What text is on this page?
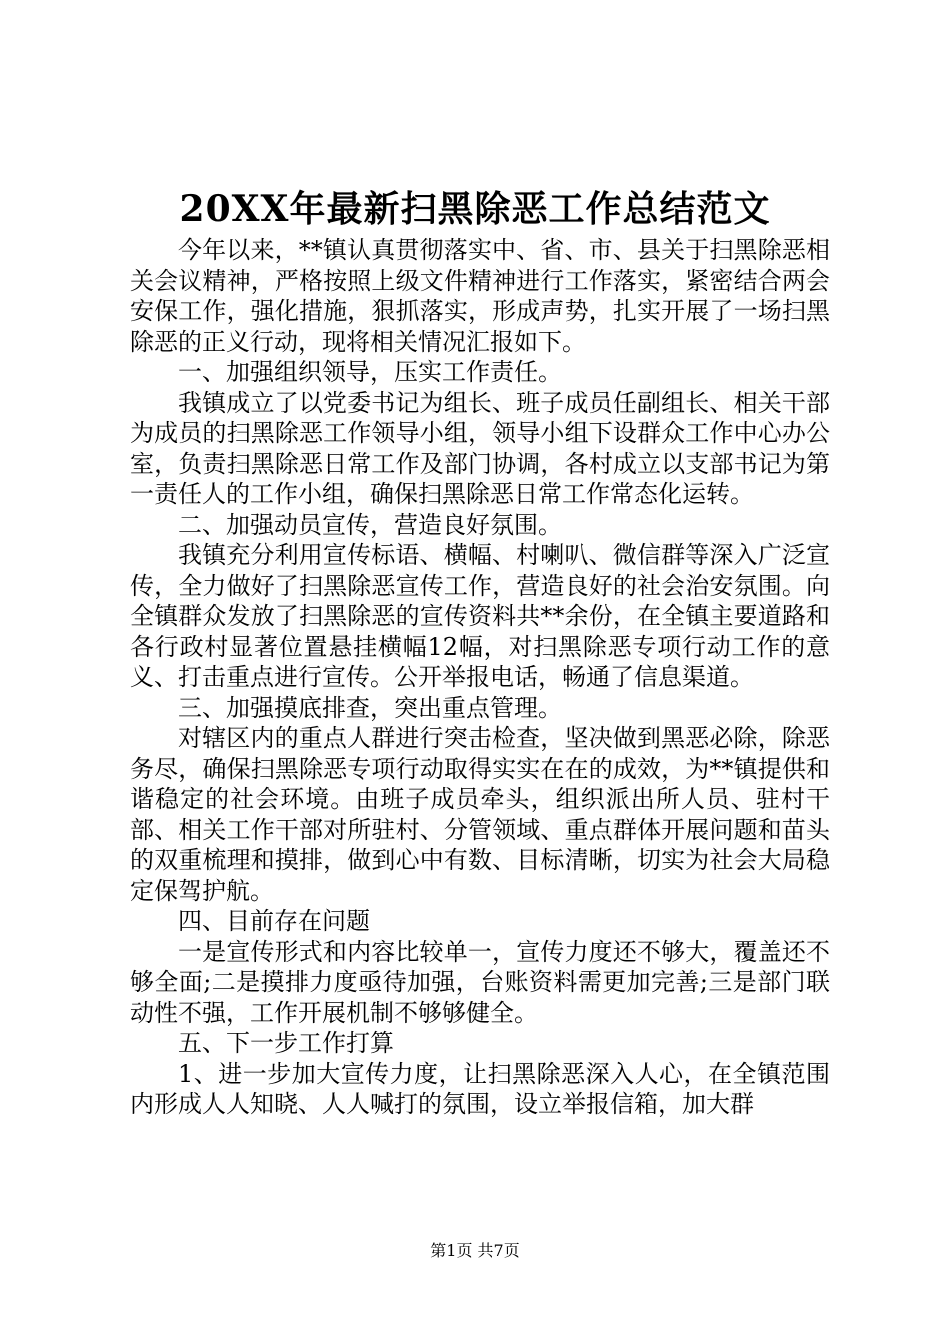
20XX年最新扫黑除恶工作总结范文

今年以来，**镇认真贯彻落实中、省、市、县关于扫黑除恶相关会议精神，严格按照上级文件精神进行工作落实，紧密结合两会安保工作，强化措施，狠抓落实，形成声势，扎实开展了一场扫黑除恶的正义行动，现将相关情况汇报如下。

一、加强组织领导，压实工作责任。

我镇成立了以党委书记为组长、班子成员任副组长、相关干部为成员的扫黑除恶工作领导小组，领导小组下设群众工作中心办公室，负责扫黑除恶日常工作及部门协调，各村成立以支部书记为第一责任人的工作小组，确保扫黑除恶日常工作常态化运转。

二、加强动员宣传，营造良好氛围。

我镇充分利用宣传标语、横幅、村喇叭、微信群等深入广泛宣传，全力做好了扫黑除恶宣传工作，营造良好的社会治安氛围。向全镇群众发放了扫黑除恶的宣传资料共**余份，在全镇主要道路和各行政村显著位置悬挂横幅12幅，对扫黑除恶专项行动工作的意义、打击重点进行宣传。公开举报电话，畅通了信息渠道。

三、加强摸底排查，突出重点管理。

对辖区内的重点人群进行突击检查，坚决做到黑恶必除，除恶务尽，确保扫黑除恶专项行动取得实实在在的成效，为**镇提供和谐稳定的社会环境。由班子成员牵头，组织派出所人员、驻村干部、相关工作干部对所驻村、分管领域、重点群体开展问题和苗头的双重梳理和摸排，做到心中有数、目标清晰，切实为社会大局稳定保驾护航。

四、目前存在问题

一是宣传形式和内容比较单一，宣传力度还不够大，覆盖还不够全面;二是摸排力度亟待加强，台账资料需更加完善;三是部门联动性不强，工作开展机制不够够健全。

五、下一步工作打算

1、进一步加大宣传力度，让扫黑除恶深入人心，在全镇范围内形成人人知晓、人人喊打的氛围，设立举报信箱，加大群

第1页 共7页
